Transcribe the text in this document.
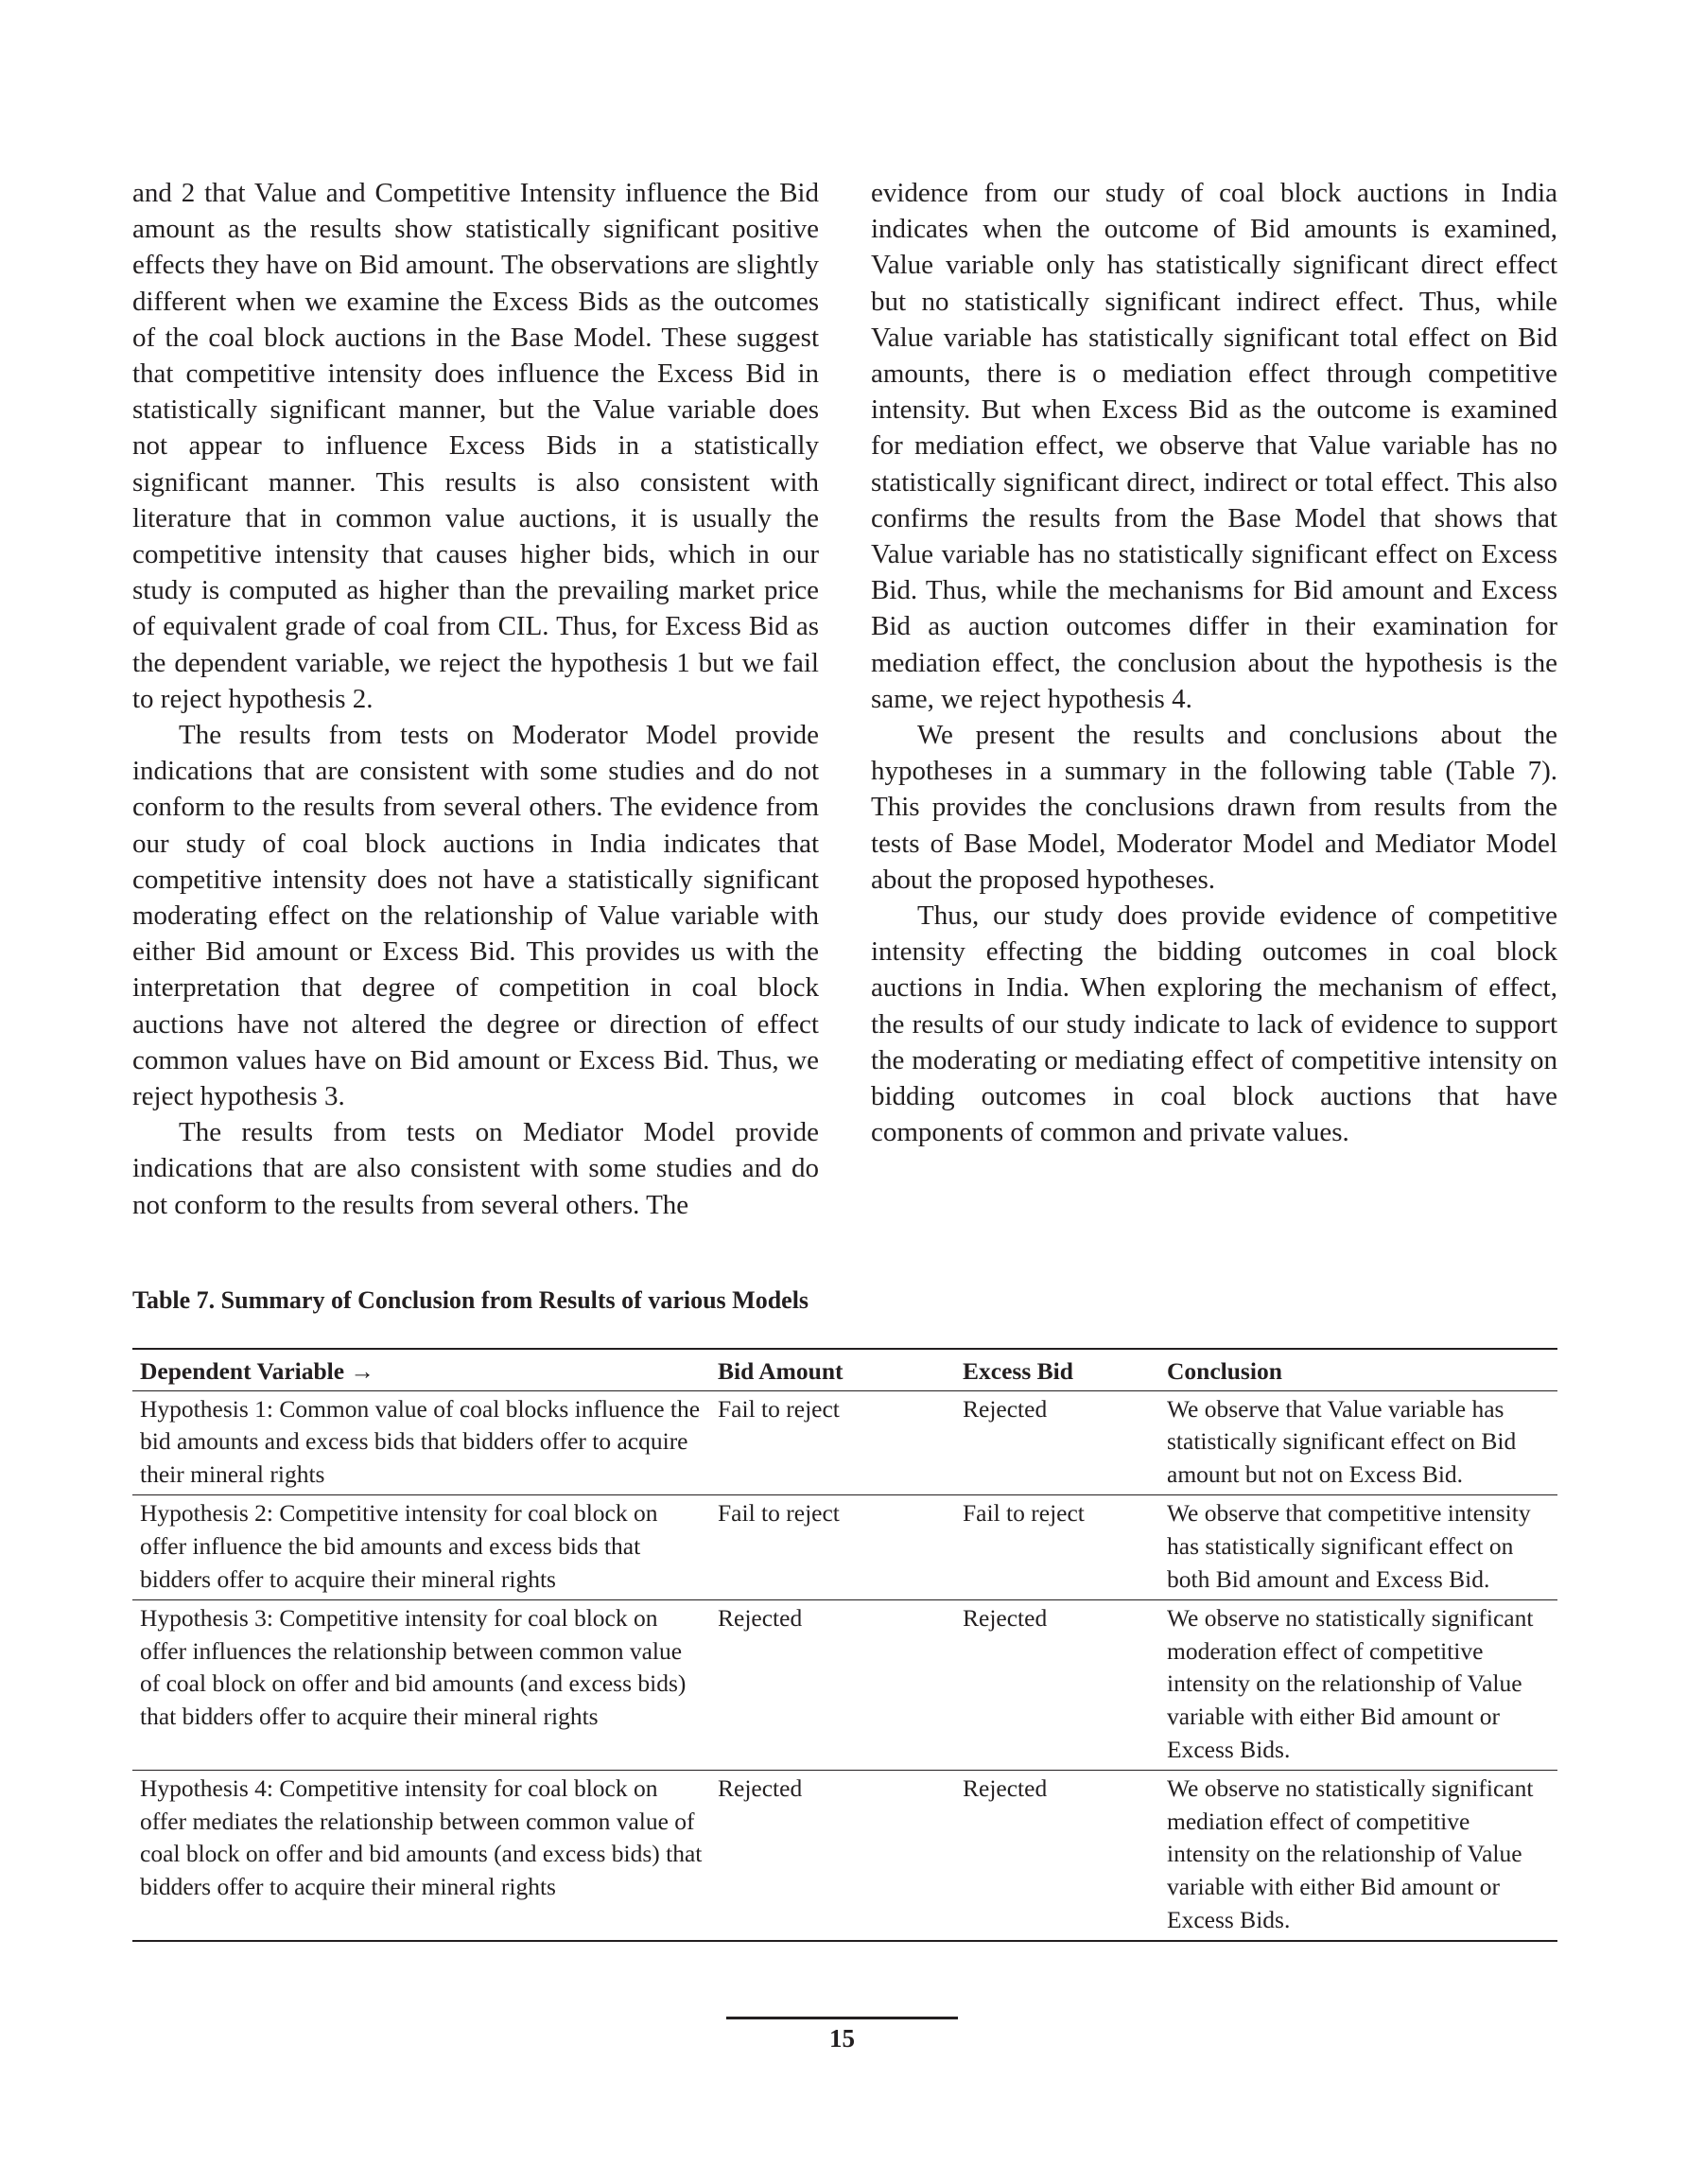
and 2 that Value and Competitive Intensity influence the Bid amount as the results show statistically significant positive effects they have on Bid amount. The observations are slightly different when we examine the Excess Bids as the outcomes of the coal block auctions in the Base Model. These suggest that competitive intensity does influence the Excess Bid in statistically significant manner, but the Value variable does not appear to influence Excess Bids in a statistically significant manner. This results is also consistent with literature that in common value auctions, it is usually the competitive intensity that causes higher bids, which in our study is computed as higher than the prevailing market price of equivalent grade of coal from CIL. Thus, for Excess Bid as the dependent variable, we reject the hypothesis 1 but we fail to reject hypothesis 2.

The results from tests on Moderator Model provide indications that are consistent with some studies and do not conform to the results from several others. The evidence from our study of coal block auctions in India indicates that competitive intensity does not have a statistically significant moderating effect on the relationship of Value variable with either Bid amount or Excess Bid. This provides us with the interpretation that degree of competition in coal block auctions have not altered the degree or direction of effect common values have on Bid amount or Excess Bid. Thus, we reject hypothesis 3.

The results from tests on Mediator Model provide indications that are also consistent with some studies and do not conform to the results from several others. The

evidence from our study of coal block auctions in India indicates when the outcome of Bid amounts is examined, Value variable only has statistically significant direct effect but no statistically significant indirect effect. Thus, while Value variable has statistically significant total effect on Bid amounts, there is o mediation effect through competitive intensity. But when Excess Bid as the outcome is examined for mediation effect, we observe that Value variable has no statistically significant direct, indirect or total effect. This also confirms the results from the Base Model that shows that Value variable has no statistically significant effect on Excess Bid. Thus, while the mechanisms for Bid amount and Excess Bid as auction outcomes differ in their examination for mediation effect, the conclusion about the hypothesis is the same, we reject hypothesis 4.

We present the results and conclusions about the hypotheses in a summary in the following table (Table 7). This provides the conclusions drawn from results from the tests of Base Model, Moderator Model and Mediator Model about the proposed hypotheses.

Thus, our study does provide evidence of competitive intensity effecting the bidding outcomes in coal block auctions in India. When exploring the mechanism of effect, the results of our study indicate to lack of evidence to support the moderating or mediating effect of competitive intensity on bidding outcomes in coal block auctions that have components of common and private values.

Table 7. Summary of Conclusion from Results of various Models

Dependent Variable →	Bid Amount	Excess Bid	Conclusion
Hypothesis 1: Common value of coal blocks influence the bid amounts and excess bids that bidders offer to acquire their mineral rights	Fail to reject	Rejected	We observe that Value variable has statistically significant effect on Bid amount but not on Excess Bid.
Hypothesis 2: Competitive intensity for coal block on offer influence the bid amounts and excess bids that bidders offer to acquire their mineral rights	Fail to reject	Fail to reject	We observe that competitive intensity has statistically significant effect on both Bid amount and Excess Bid.
Hypothesis 3: Competitive intensity for coal block on offer influences the relationship between common value of coal block on offer and bid amounts (and excess bids) that bidders offer to acquire their mineral rights	Rejected	Rejected	We observe no statistically significant moderation effect of competitive intensity on the relationship of Value variable with either Bid amount or Excess Bids.
Hypothesis 4: Competitive intensity for coal block on offer mediates the relationship between common value of coal block on offer and bid amounts (and excess bids) that bidders offer to acquire their mineral rights	Rejected	Rejected	We observe no statistically significant mediation effect of competitive intensity on the relationship of Value variable with either Bid amount or Excess Bids.

15
